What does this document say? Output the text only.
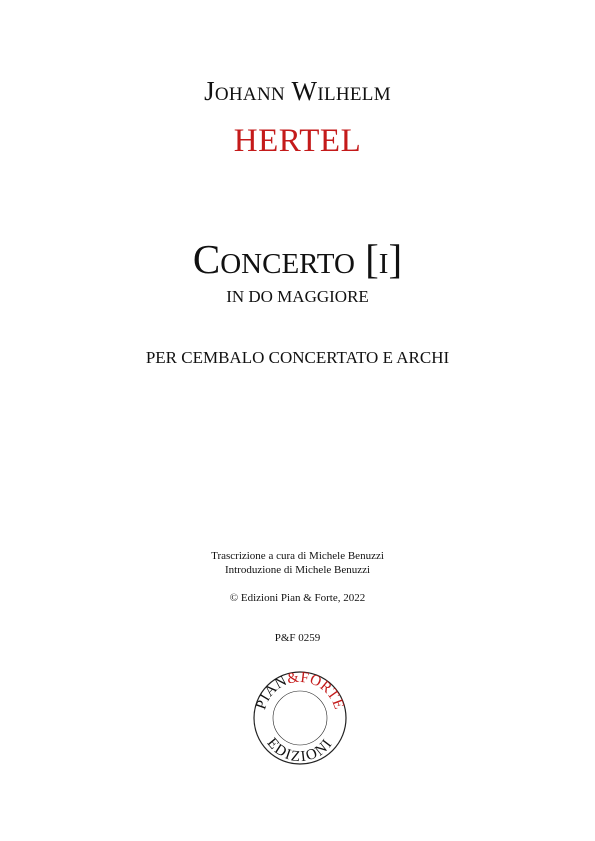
Johann Wilhelm
HERTEL
Concerto [i]
IN DO MAGGIORE
PER CEMBALO CONCERTATO E ARCHI
Trascrizione a cura di Michele Benuzzi
Introduzione di Michele Benuzzi
© Edizioni Pian & Forte, 2022
P&F 0259
PIAN&FORTE
EDIZIONI
